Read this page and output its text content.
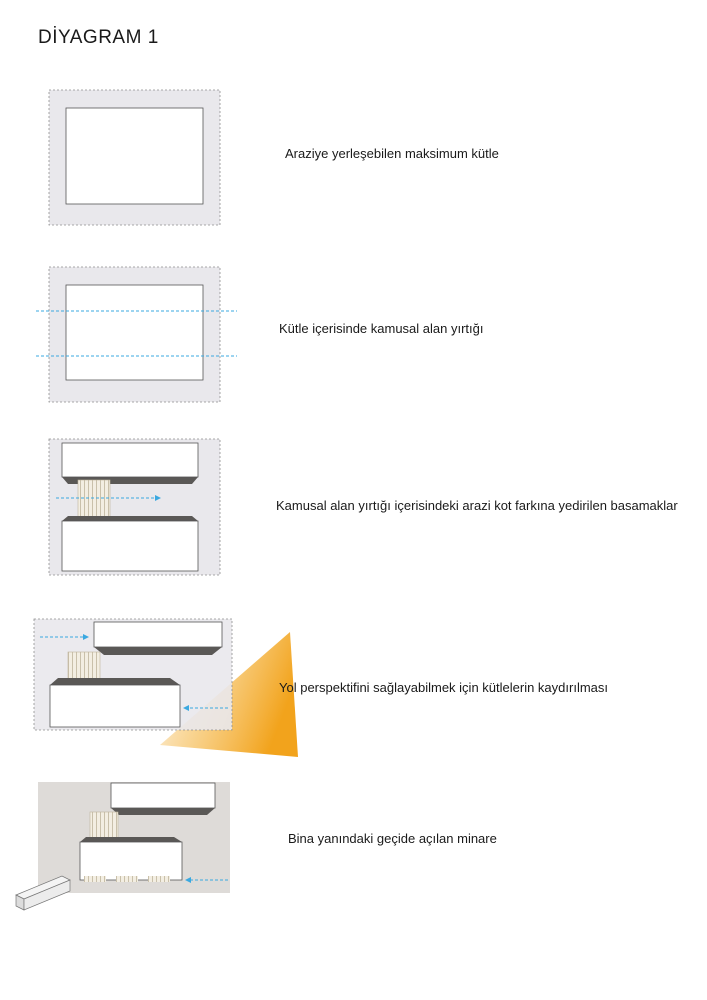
DİYAGRAM 1
Araziye yerleşebilen maksimum kütle
Kütle içerisinde kamusal alan yırtığı
Kamusal alan yırtığı içerisindeki arazi kot farkına yedirilen basamaklar
Yol perspektifini sağlayabilmek için kütlelerin kaydırılması
Bina yanındaki geçide açılan minare
